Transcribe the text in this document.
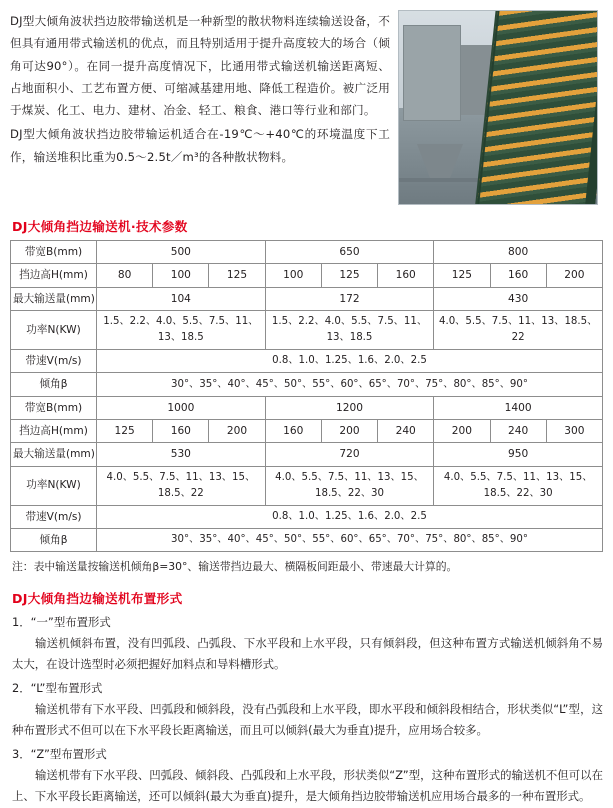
DJ型大倾角波状挡边胶带输送机是一种新型的散状物料连续输送设备，不但具有通用带式输送机的优点，而且特别适用于提升高度较大的场合（倾角可达90°）。在同一提升高度情况下，比通用带式输送机输送距离短、占地面积小、工艺布置方便、可缩减基建用地、降低工程造价。被广泛用于煤炭、化工、电力、建材、冶金、轻工、粮食、港口等行业和部门。

DJ型大倾角波状挡边胶带输运机适合在-19℃～+40℃的环境温度下工作，输送堆积比重为0.5～2.5t／m³的各种散状物料。

DJ大倾角挡边输送机·技术参数
带宽B(mm)	500			650			800		
挡边高H(mm)	80	100	125	100	125	160	125	160	200
最大输送量(mm)	104			172			430		
功率N(KW)	1.5、2.2、4.0、5.5、7.5、11、13、18.5			1.5、2.2、4.0、5.5、7.5、11、13、18.5			4.0、5.5、7.5、11、13、18.5、22		
带速V(m/s)	0.8、1.0、1.25、1.6、2.0、2.5								
倾角β	30°、35°、40°、45°、50°、55°、60°、65°、70°、75°、80°、85°、90°								
带宽B(mm)	1000			1200			1400		
挡边高H(mm)	125	160	200	160	200	240	200	240	300
最大输送量(mm)	530			720			950		
功率N(KW)	4.0、5.5、7.5、11、13、15、18.5、22			4.0、5.5、7.5、11、13、15、18.5、22、30			4.0、5.5、7.5、11、13、15、18.5、22、30		
带速V(m/s)	0.8、1.0、1.25、1.6、2.0、2.5								
倾角β	30°、35°、40°、45°、50°、55°、60°、65°、70°、75°、80°、85°、90°								
注：表中输送量按输送机倾角β=30°、输送带挡边最大、横隔板间距最小、带速最大计算的。
DJ大倾角挡边输送机布置形式
1．“一”型布置形式
输送机倾斜布置，没有凹弧段、凸弧段、下水平段和上水平段，只有倾斜段，但这种布置方式输送机倾斜角不易太大，在设计选型时必须把握好加料点和导料槽形式。
2．“L”型布置形式
输送机带有下水平段、凹弧段和倾斜段，没有凸弧段和上水平段，即水平段和倾斜段相结合，形状类似“L”型，这种布置形式不但可以在下水平段长距离输送，而且可以倾斜(最大为垂直)提升，应用场合较多。
3．“Z”型布置形式
输送机带有下水平段、凹弧段、倾斜段、凸弧段和上水平段，形状类似“Z”型，这种布置形式的输送机不但可以在上、下水平段长距离输送，还可以倾斜(最大为垂直)提升，是大倾角挡边胶带输送机应用场合最多的一种布置形式。
